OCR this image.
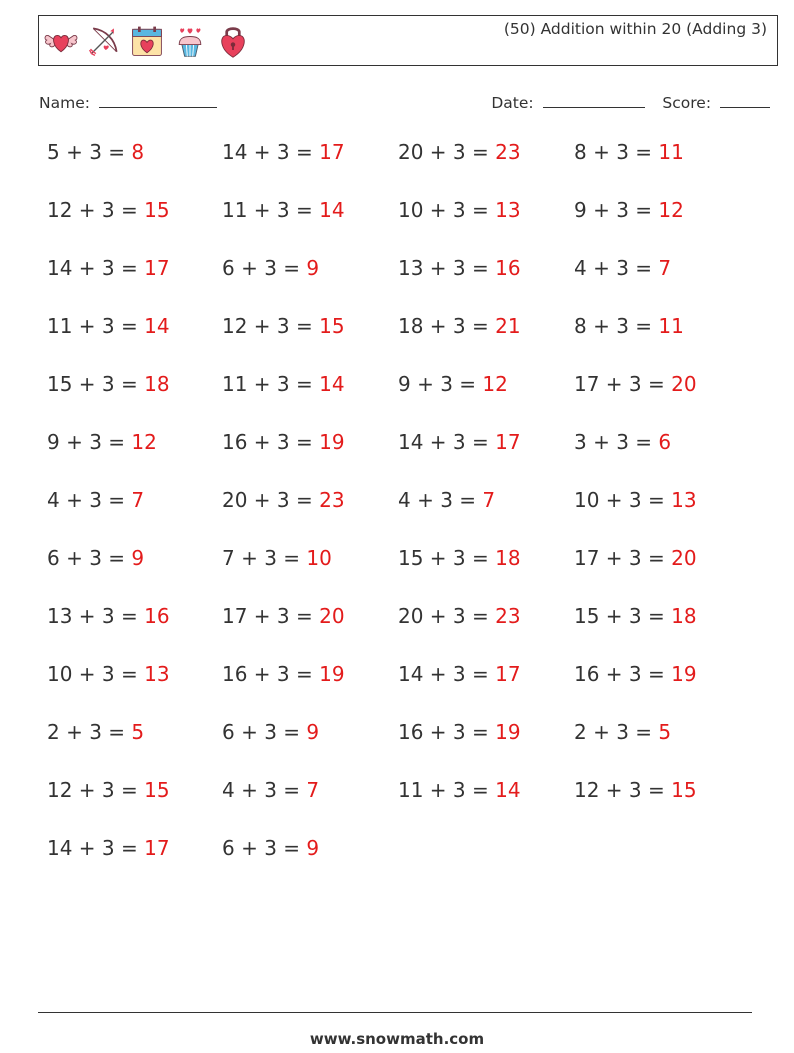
(50) Addition within 20 (Adding 3)
Name:	Date:	Score:
5 + 3 = 8	14 + 3 = 17	20 + 3 = 23	8 + 3 = 11
12 + 3 = 15	11 + 3 = 14	10 + 3 = 13	9 + 3 = 12
14 + 3 = 17	6 + 3 = 9	13 + 3 = 16	4 + 3 = 7
11 + 3 = 14	12 + 3 = 15	18 + 3 = 21	8 + 3 = 11
15 + 3 = 18	11 + 3 = 14	9 + 3 = 12	17 + 3 = 20
9 + 3 = 12	16 + 3 = 19	14 + 3 = 17	3 + 3 = 6
4 + 3 = 7	20 + 3 = 23	4 + 3 = 7	10 + 3 = 13
6 + 3 = 9	7 + 3 = 10	15 + 3 = 18	17 + 3 = 20
13 + 3 = 16	17 + 3 = 20	20 + 3 = 23	15 + 3 = 18
10 + 3 = 13	16 + 3 = 19	14 + 3 = 17	16 + 3 = 19
2 + 3 = 5	6 + 3 = 9	16 + 3 = 19	2 + 3 = 5
12 + 3 = 15	4 + 3 = 7	11 + 3 = 14	12 + 3 = 15
14 + 3 = 17	6 + 3 = 9
www.snowmath.com
